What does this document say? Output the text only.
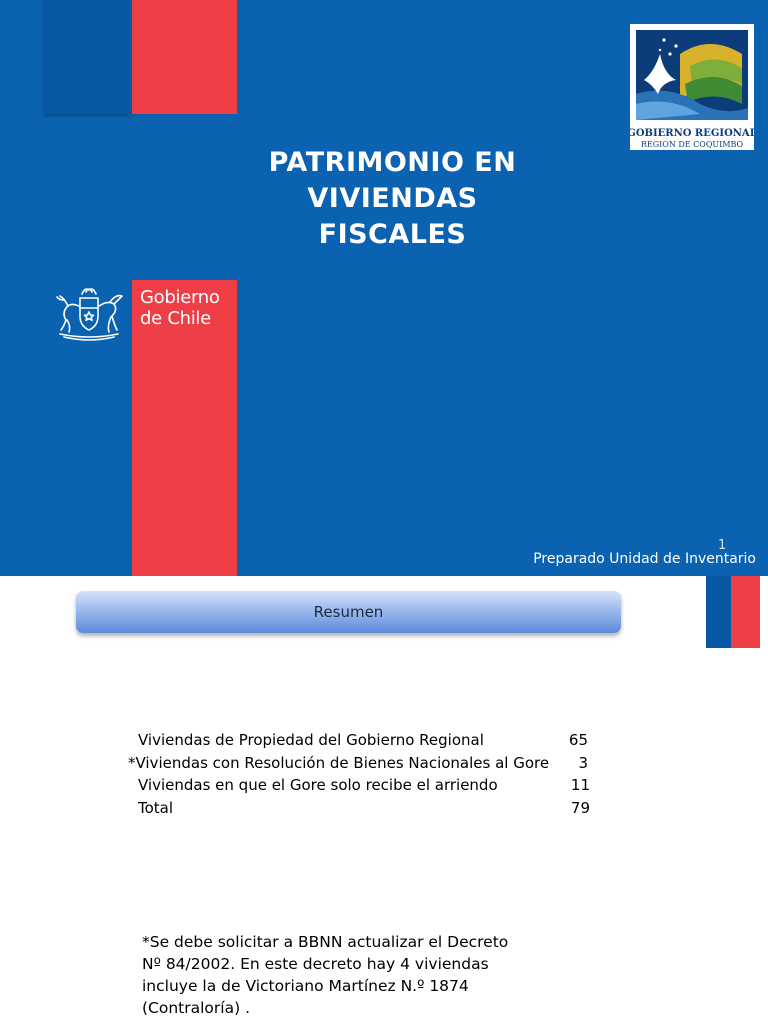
Gobierno
de Chile
PATRIMONIO EN
VIVIENDAS
FISCALES
GOBIERNO REGIONAL
REGION DE COQUIMBO
1
Preparado Unidad de Inventario
Resumen
Viviendas de Propiedad del Gobierno Regional	65
*Viviendas con Resolución de Bienes Nacionales al Gore 3
Viviendas en que el Gore solo recibe el arriendo	11
Total	79
*Se debe solicitar a BBNN actualizar el Decreto
Nº 84/2002. En este decreto hay 4 viviendas
incluye la de Victoriano Martínez N.º 1874
(Contraloría) .
